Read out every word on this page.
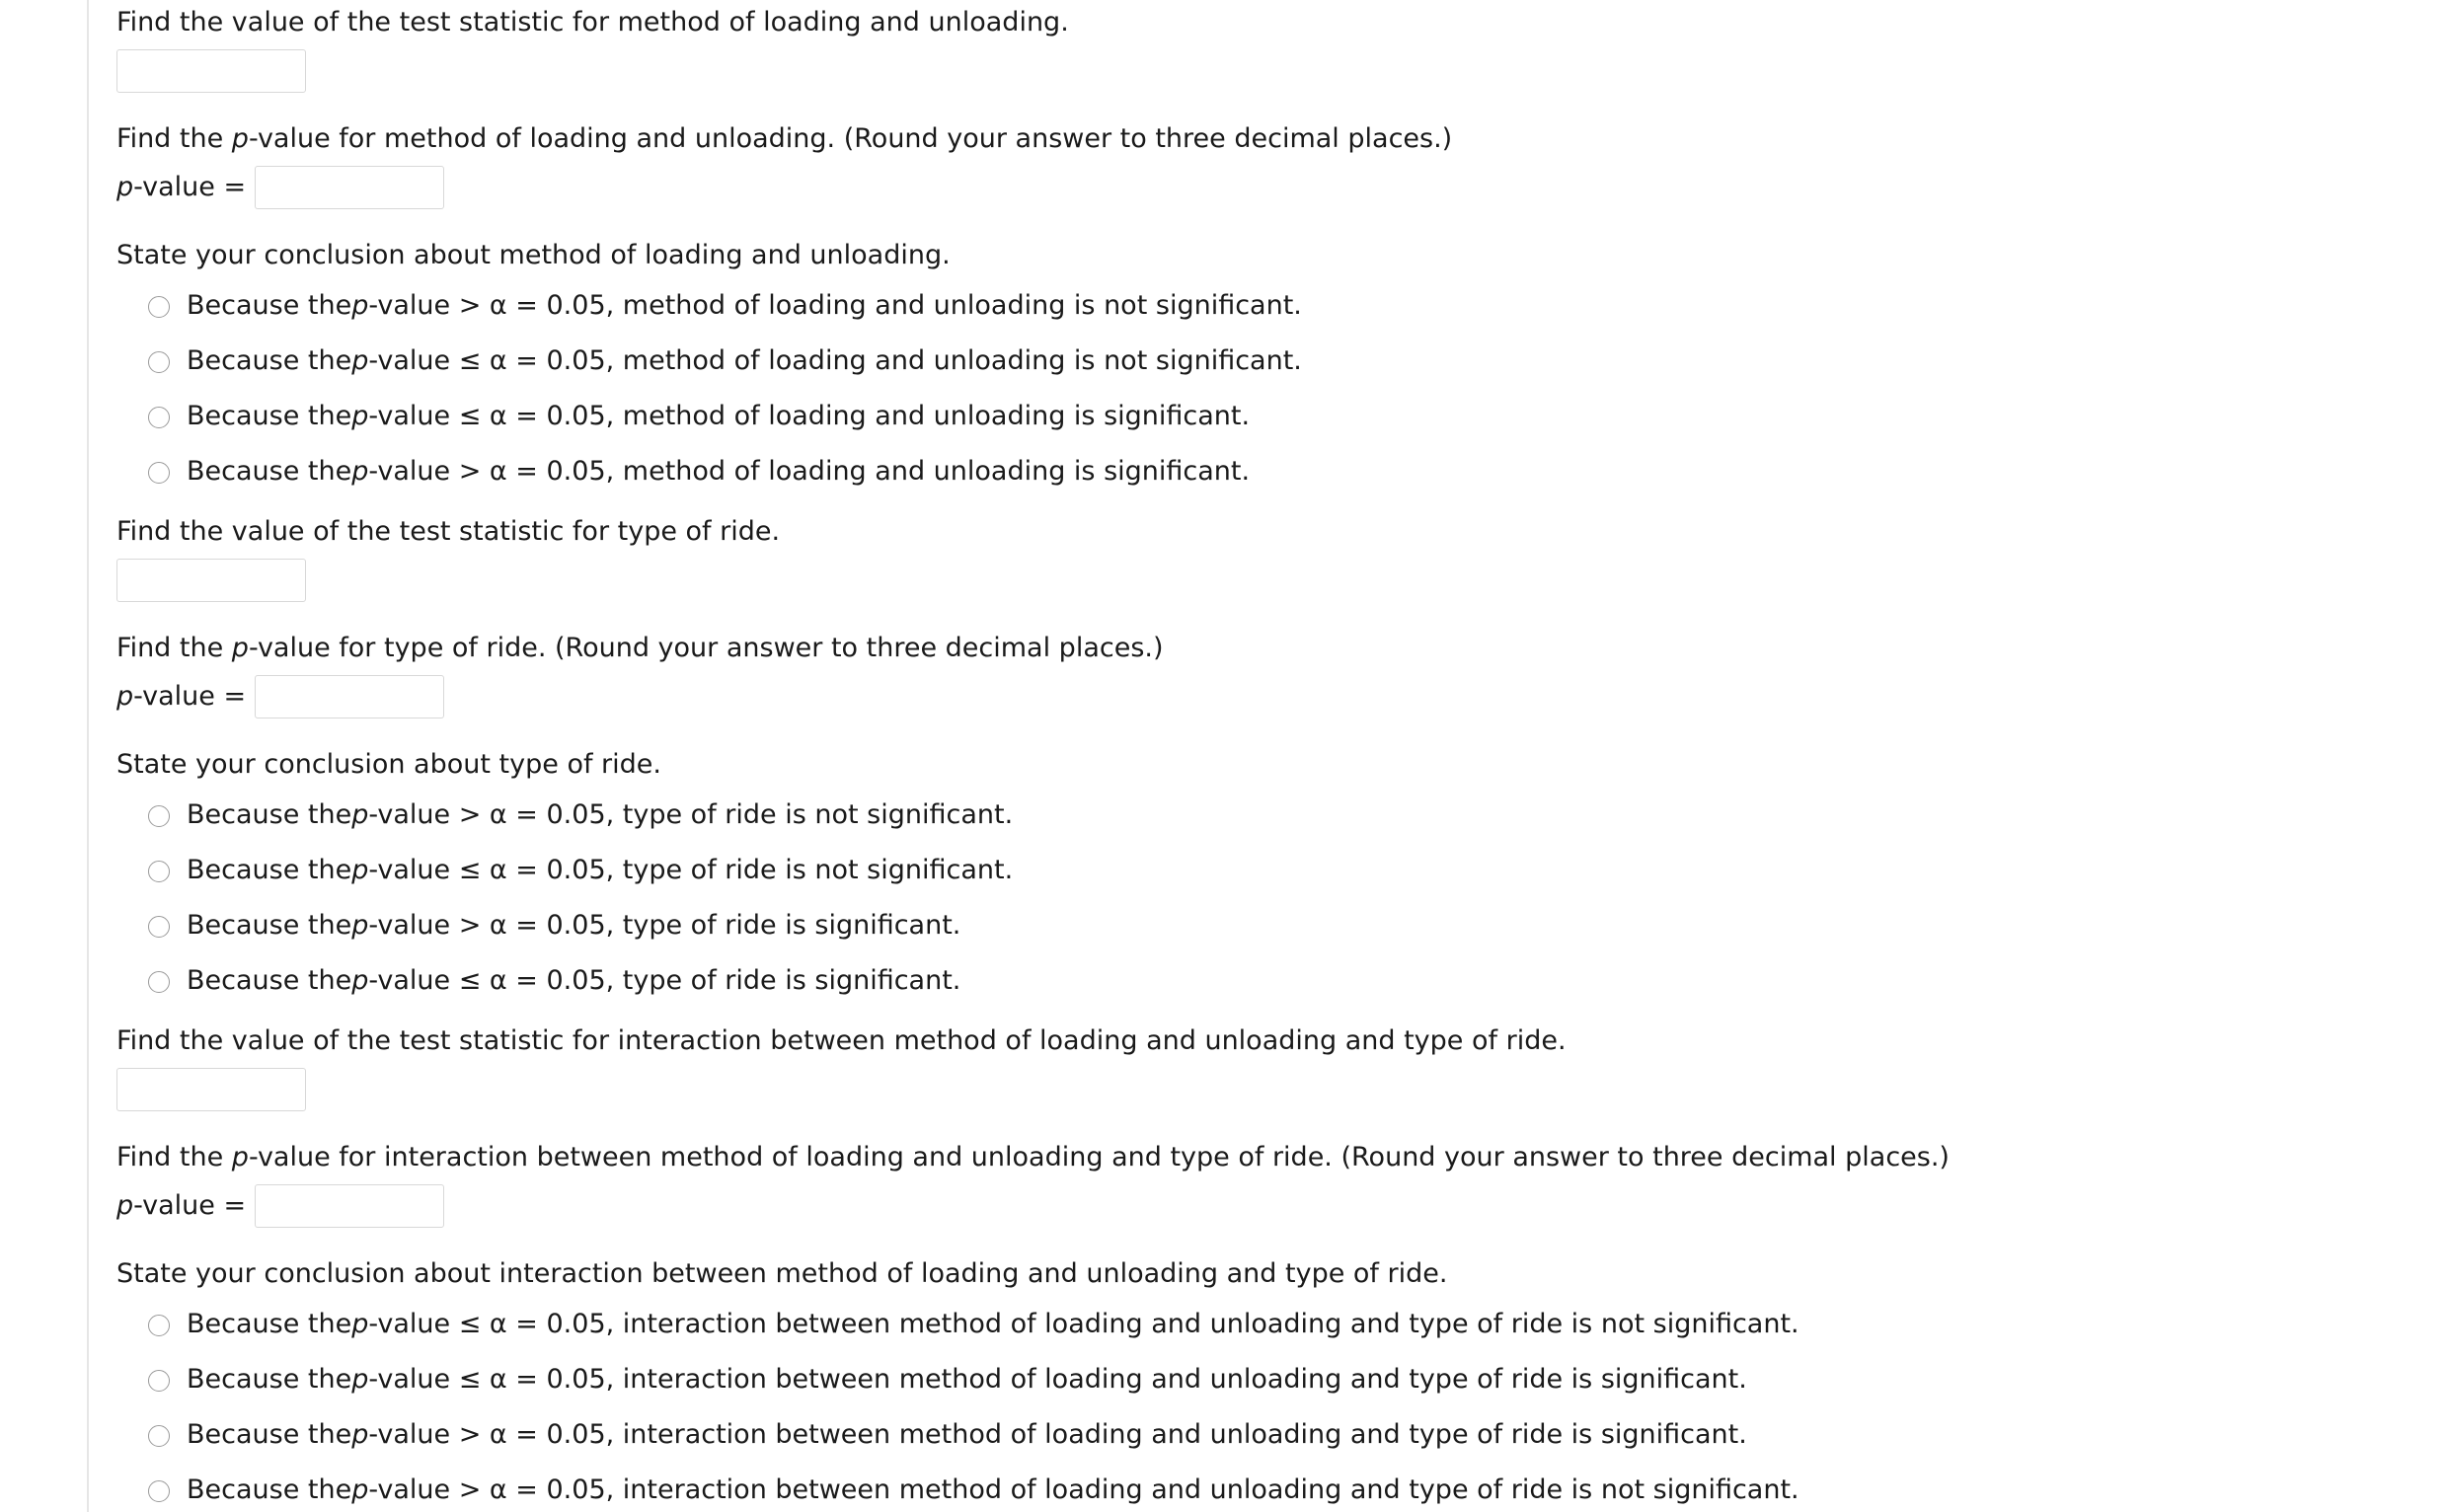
Find the value of the test statistic for method of loading and unloading.
Find the p-value for method of loading and unloading. (Round your answer to three decimal places.)
p-value =
State your conclusion about method of loading and unloading.
Because the p -value > α = 0.05, method of loading and unloading is not significant.
Because the p -value ≤ α = 0.05, method of loading and unloading is not significant.
Because the p -value ≤ α = 0.05, method of loading and unloading is significant.
Because the p -value > α = 0.05, method of loading and unloading is significant.
Find the value of the test statistic for type of ride.
Find the p-value for type of ride. (Round your answer to three decimal places.)
p-value =
State your conclusion about type of ride.
Because the p -value > α = 0.05, type of ride is not significant.
Because the p -value ≤ α = 0.05, type of ride is not significant.
Because the p -value > α = 0.05, type of ride is significant.
Because the p -value ≤ α = 0.05, type of ride is significant.
Find the value of the test statistic for interaction between method of loading and unloading and type of ride.
Find the p-value for interaction between method of loading and unloading and type of ride. (Round your answer to three decimal places.)
p-value =
State your conclusion about interaction between method of loading and unloading and type of ride.
Because the p -value ≤ α = 0.05, interaction between method of loading and unloading and type of ride is not significant.
Because the p -value ≤ α = 0.05, interaction between method of loading and unloading and type of ride is significant.
Because the p -value > α = 0.05, interaction between method of loading and unloading and type of ride is significant.
Because the p -value > α = 0.05, interaction between method of loading and unloading and type of ride is not significant.
